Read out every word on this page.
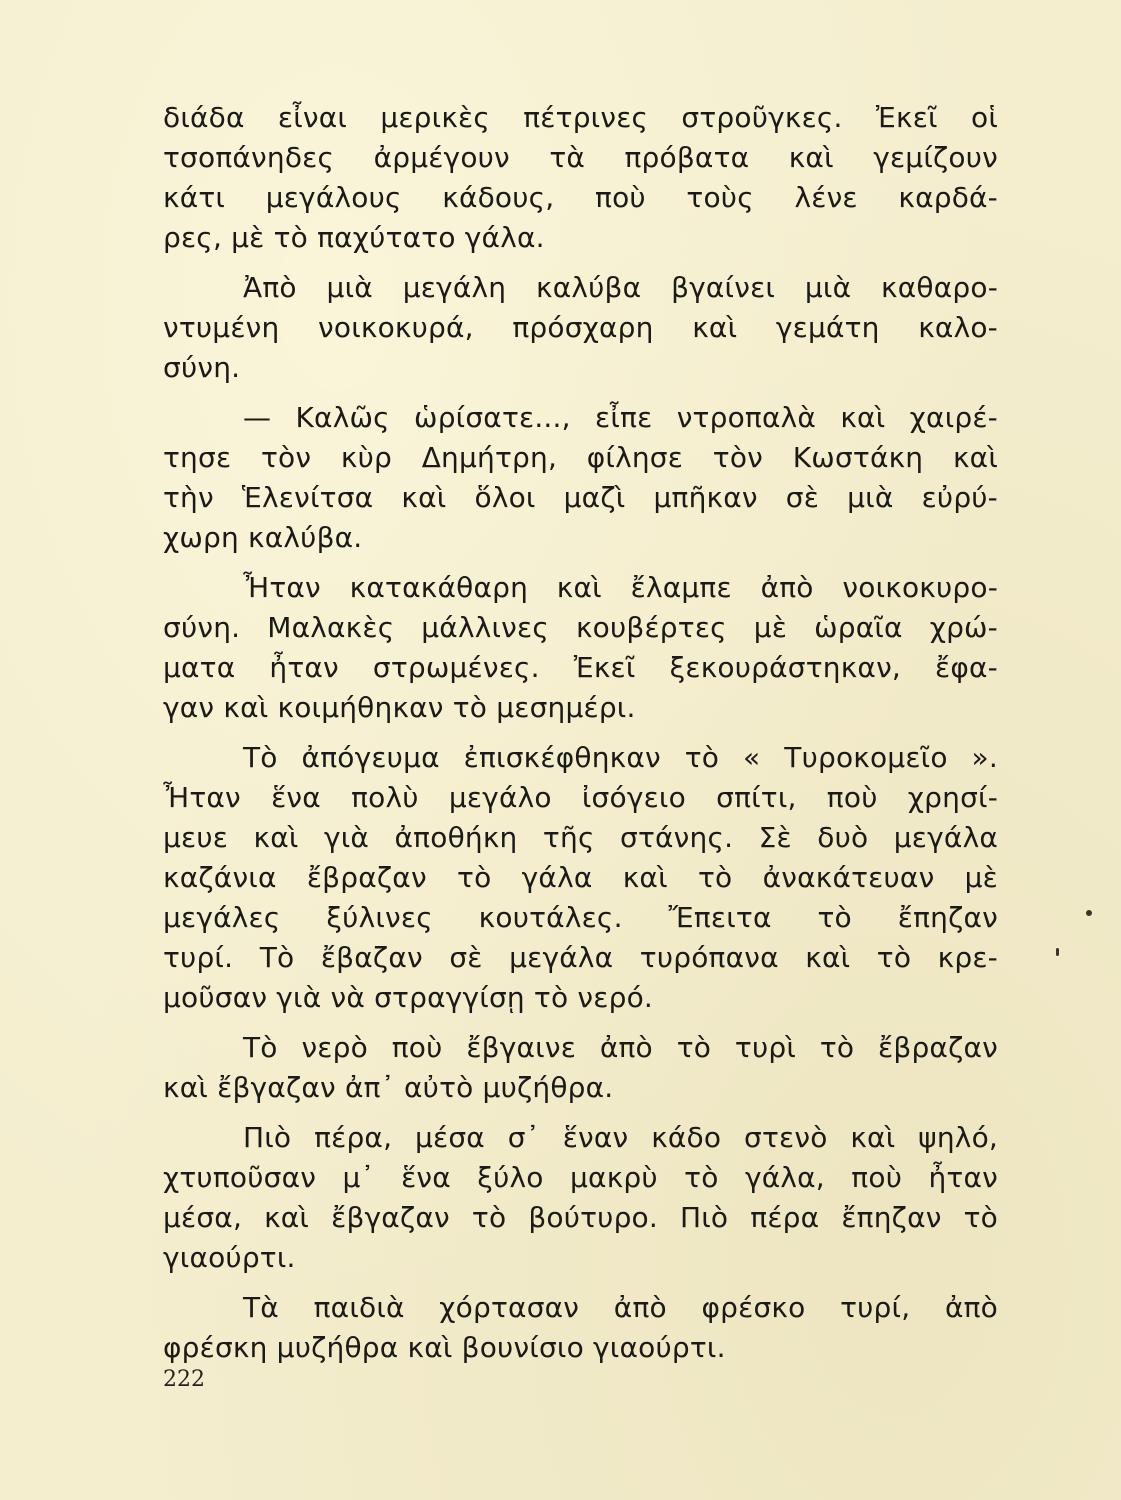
διάδα εἶναι μερικὲς πέτρινες στροῦγκες. Ἐκεῖ οἱ
τσοπάνηδες ἀρμέγουν τὰ πρόβατα καὶ γεμίζουν
κάτι μεγάλους κάδους, ποὺ τοὺς λένε καρδά-
ρες, μὲ τὸ παχύτατο γάλα.
Ἀπὸ μιὰ μεγάλη καλύβα βγαίνει μιὰ καθαρο-
ντυμένη νοικοκυρά, πρόσχαρη καὶ γεμάτη καλο-
σύνη.
— Καλῶς ὡρίσατε..., εἶπε ντροπαλὰ καὶ χαιρέ-
τησε τὸν κὺρ Δημήτρη, φίλησε τὸν Κωστάκη καὶ
τὴν Ἑλενίτσα καὶ ὅλοι μαζὶ μπῆκαν σὲ μιὰ εὐρύ-
χωρη καλύβα.
Ἦταν κατακάθαρη καὶ ἔλαμπε ἀπὸ νοικοκυρο-
σύνη. Μαλακὲς μάλλινες κουβέρτες μὲ ὡραῖα χρώ-
ματα ἦταν στρωμένες. Ἐκεῖ ξεκουράστηκαν, ἔφα-
γαν καὶ κοιμήθηκαν τὸ μεσημέρι.
Τὸ ἀπόγευμα ἐπισκέφθηκαν τὸ « Τυροκομεῖο ».
Ἦταν ἕνα πολὺ μεγάλο ἰσόγειο σπίτι, ποὺ χρησί-
μευε καὶ γιὰ ἀποθήκη τῆς στάνης. Σὲ δυὸ μεγάλα
καζάνια ἔβραζαν τὸ γάλα καὶ τὸ ἀνακάτευαν μὲ
μεγάλες ξύλινες κουτάλες. Ἔπειτα τὸ ἔπηζαν
τυρί. Τὸ ἔβαζαν σὲ μεγάλα τυρόπανα καὶ τὸ κρε-
μοῦσαν γιὰ νὰ στραγγίσῃ τὸ νερό.
Τὸ νερὸ ποὺ ἔβγαινε ἀπὸ τὸ τυρὶ τὸ ἔβραζαν
καὶ ἔβγαζαν ἀπ᾿ αὐτὸ μυζήθρα.
Πιὸ πέρα, μέσα σ᾿ ἕναν κάδο στενὸ καὶ ψηλό,
χτυποῦσαν μ᾿ ἕνα ξύλο μακρὺ τὸ γάλα, ποὺ ἦταν
μέσα, καὶ ἔβγαζαν τὸ βούτυρο. Πιὸ πέρα ἔπηζαν τὸ
γιαούρτι.
Τὰ παιδιὰ χόρτασαν ἀπὸ φρέσκο τυρί, ἀπὸ
φρέσκη μυζήθρα καὶ βουνίσιο γιαούρτι.
222
